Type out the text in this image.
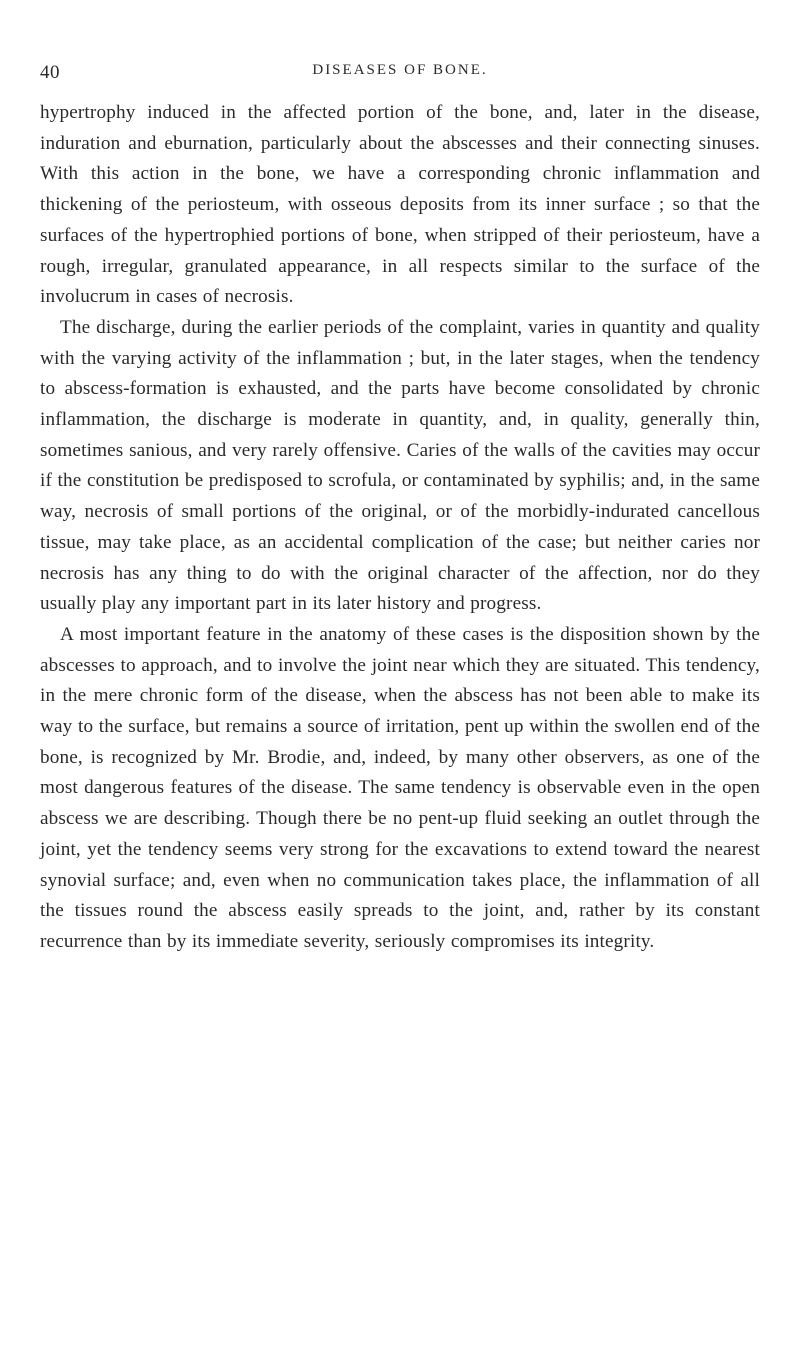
40	DISEASES OF BONE.

hypertrophy induced in the affected portion of the bone, and, later in the disease, induration and eburnation, particularly about the abscesses and their connecting sinuses. With this action in the bone, we have a corresponding chronic inflammation and thickening of the periosteum, with osseous deposits from its inner surface ; so that the surfaces of the hypertrophied portions of bone, when stripped of their periosteum, have a rough, irregular, granulated appearance, in all respects similar to the surface of the involucrum in cases of necrosis.

The discharge, during the earlier periods of the complaint, varies in quantity and quality with the varying activity of the inflammation ; but, in the later stages, when the tendency to abscess-formation is exhausted, and the parts have become consolidated by chronic inflammation, the discharge is moderate in quantity, and, in quality, generally thin, sometimes sanious, and very rarely offensive. Caries of the walls of the cavities may occur if the constitution be predisposed to scrofula, or contaminated by syphilis; and, in the same way, necrosis of small portions of the original, or of the morbidly-indurated cancellous tissue, may take place, as an accidental complication of the case; but neither caries nor necrosis has any thing to do with the original character of the affection, nor do they usually play any important part in its later history and progress.

A most important feature in the anatomy of these cases is the disposition shown by the abscesses to approach, and to involve the joint near which they are situated. This tendency, in the mere chronic form of the disease, when the abscess has not been able to make its way to the surface, but remains a source of irritation, pent up within the swollen end of the bone, is recognized by Mr. Brodie, and, indeed, by many other observers, as one of the most dangerous features of the disease. The same tendency is observable even in the open abscess we are describing. Though there be no pent-up fluid seeking an outlet through the joint, yet the tendency seems very strong for the excavations to extend toward the nearest synovial surface; and, even when no communication takes place, the inflammation of all the tissues round the abscess easily spreads to the joint, and, rather by its constant recurrence than by its immediate severity, seriously compromises its integrity.
